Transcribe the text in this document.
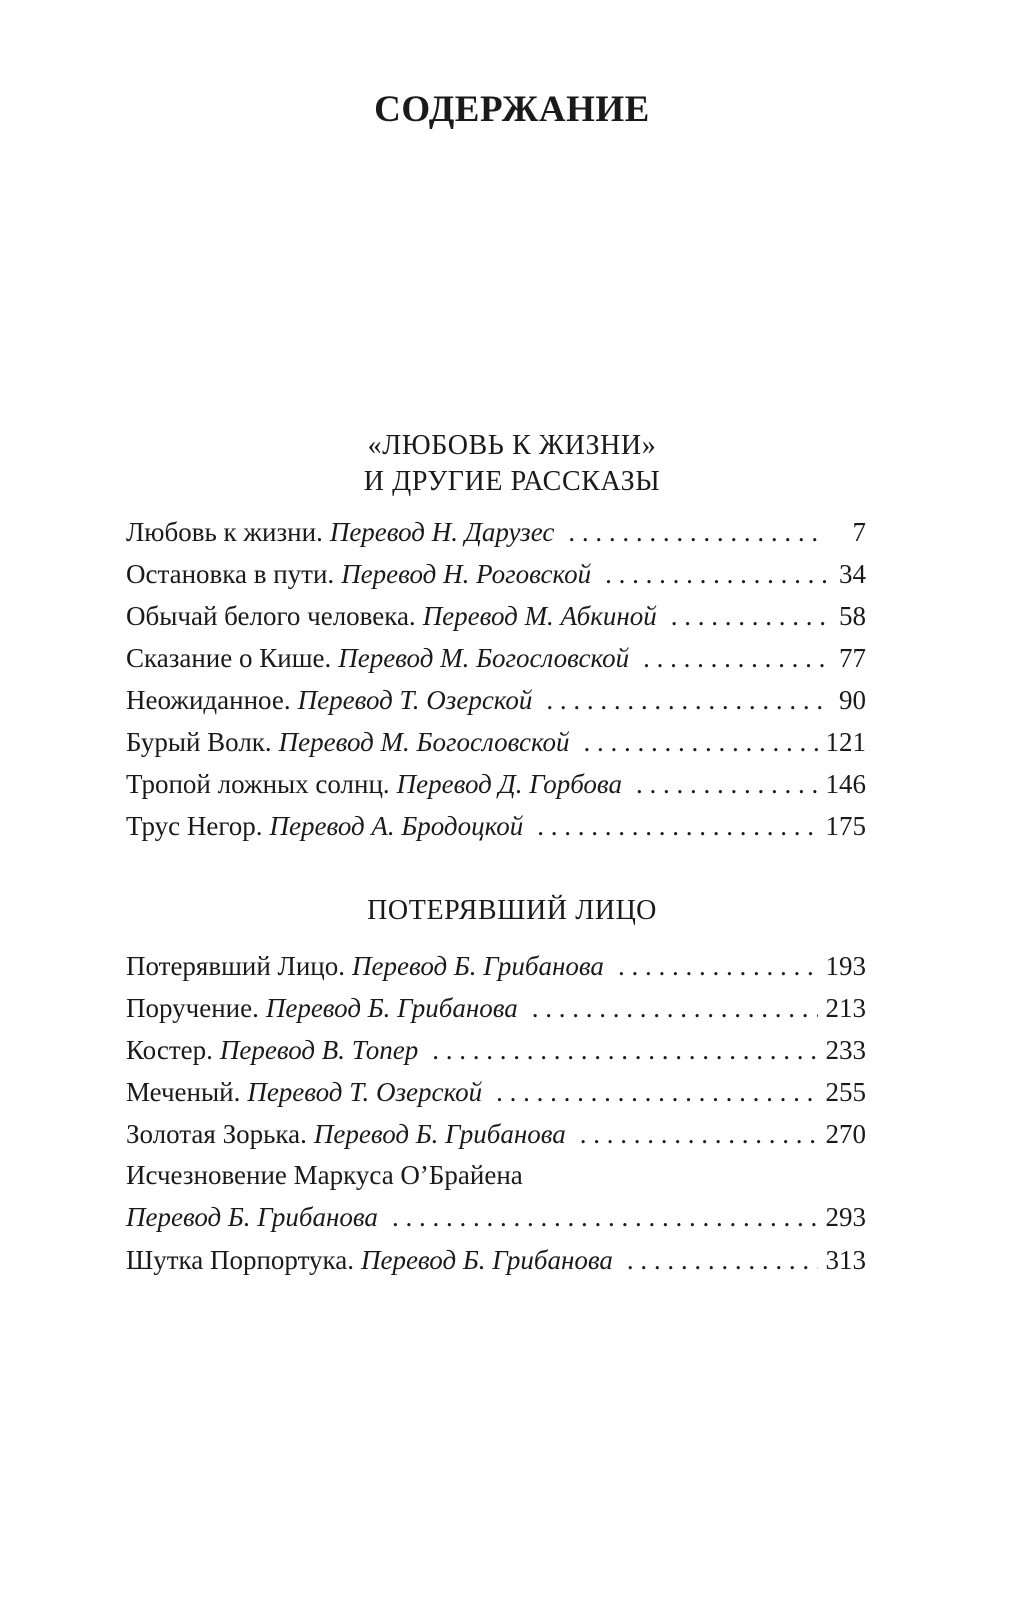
СОДЕРЖАНИЕ
«ЛЮБОВЬ К ЖИЗНИ»
И ДРУГИЕ РАССКАЗЫ
Любовь к жизни. Перевод Н. Дарузес . . .	7
Остановка в пути. Перевод Н. Роговской . . .	34
Обычай белого человека. Перевод М. Абкиной . . .	58
Сказание о Кише. Перевод М. Богословской . . .	77
Неожиданное. Перевод Т. Озерской . . .	90
Бурый Волк. Перевод М. Богословской . . .	121
Тропой ложных солнц. Перевод Д. Горбова . . .	146
Трус Негор. Перевод А. Бродоцкой . . .	175
ПОТЕРЯВШИЙ ЛИЦО
Потерявший Лицо. Перевод Б. Грибанова . . .	193
Поручение. Перевод Б. Грибанова . . .	213
Костер. Перевод В. Топер . . .	233
Меченый. Перевод Т. Озерской . . .	255
Золотая Зорька. Перевод Б. Грибанова . . .	270
Исчезновение Маркуса О’Брайена
Перевод Б. Грибанова . . .	293
Шутка Порпортука. Перевод Б. Грибанова . . .	313
